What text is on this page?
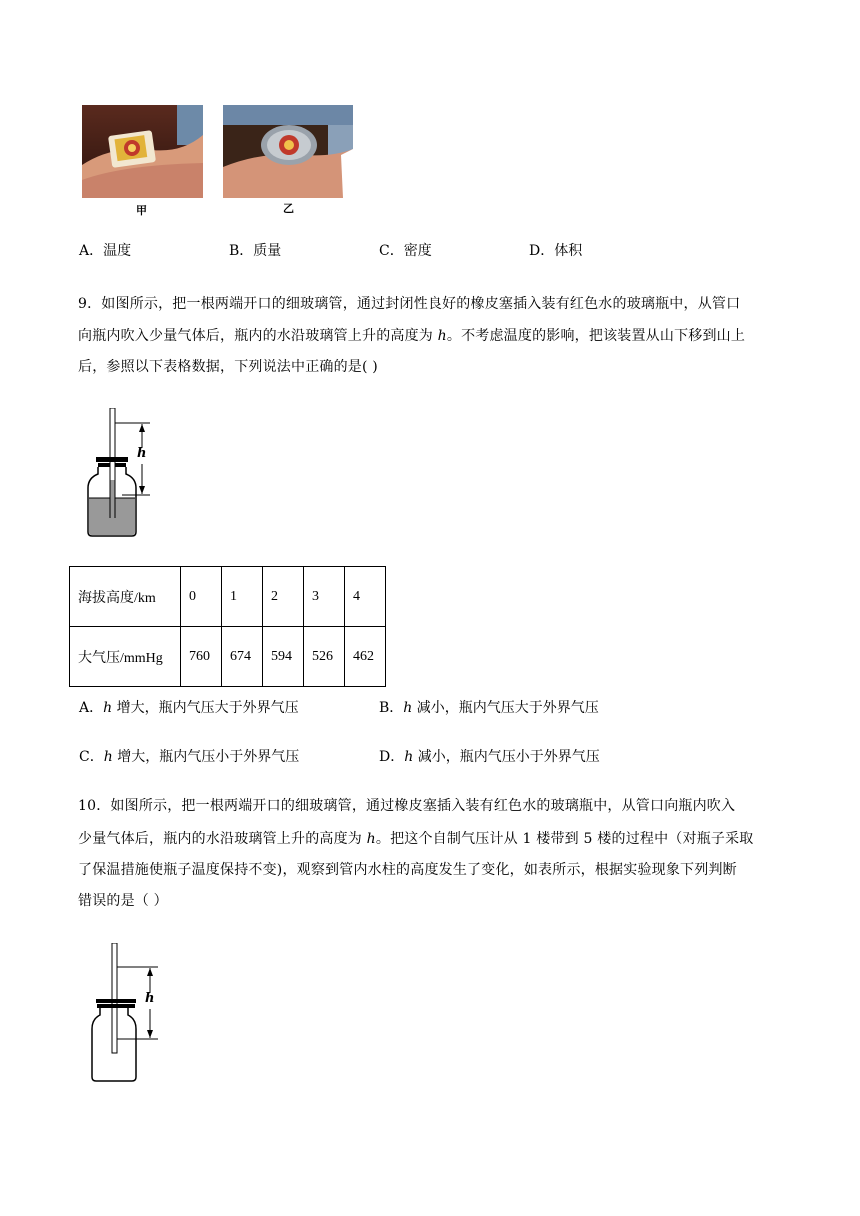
甲	乙
A．温度	B．质量	C．密度	D．体积
9．如图所示，把一根两端开口的细玻璃管，通过封闭性良好的橡皮塞插入装有红色水的玻璃瓶中，从管口
向瓶内吹入少量气体后，瓶内的水沿玻璃管上升的高度为 h。不考虑温度的影响，把该装置从山下移到山上
后，参照以下表格数据，下列说法中正确的是( )
h
海拔高度/km	0	1	2	3	4
大气压/mmHg	760	674	594	526	462
A．h 增大，瓶内气压大于外界气压	B．h 减小，瓶内气压大于外界气压
C．h 增大，瓶内气压小于外界气压	D．h 减小，瓶内气压小于外界气压
10．如图所示，把一根两端开口的细玻璃管，通过橡皮塞插入装有红色水的玻璃瓶中，从管口向瓶内吹入
少量气体后，瓶内的水沿玻璃管上升的高度为 h。把这个自制气压计从 1 楼带到 5 楼的过程中（对瓶子采取
了保温措施使瓶子温度保持不变)，观察到管内水柱的高度发生了变化，如表所示，根据实验现象下列判断
错误的是（ ）
h
